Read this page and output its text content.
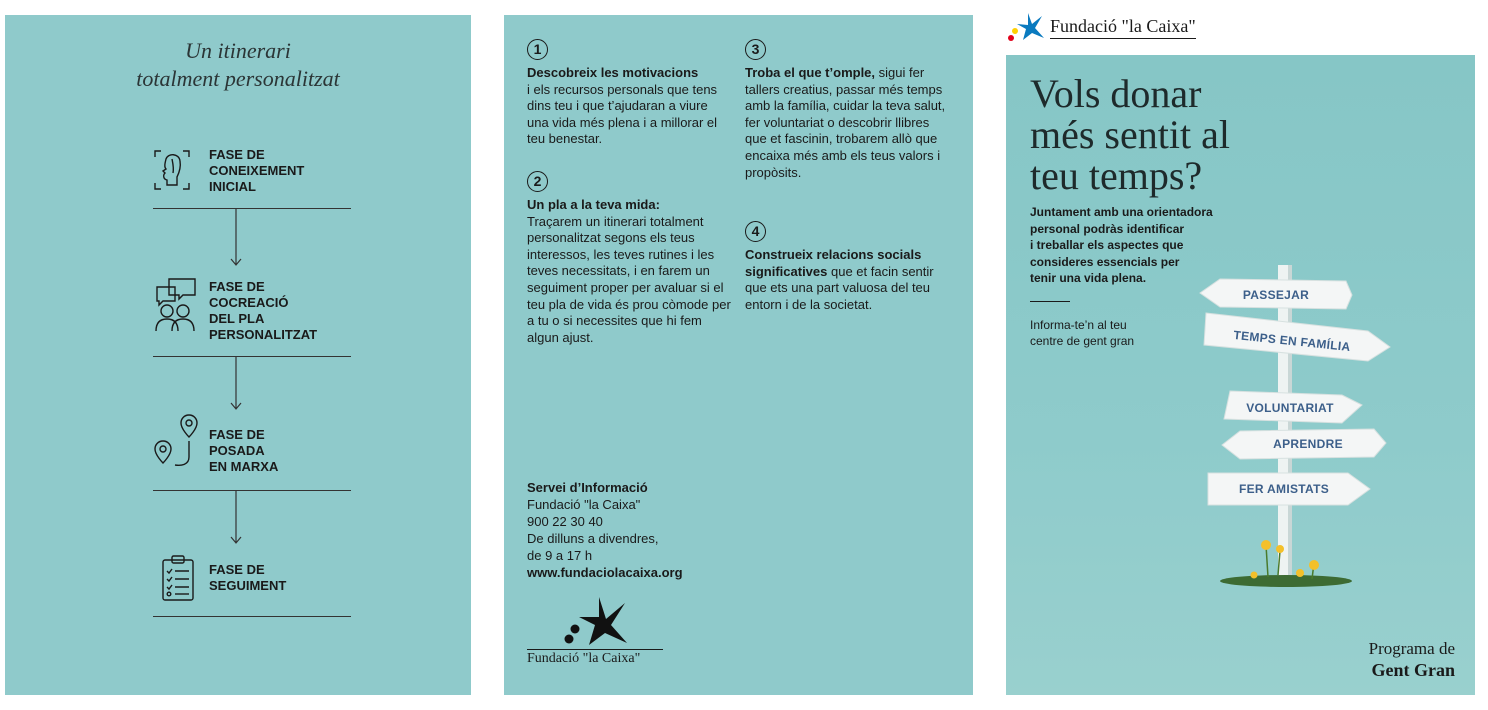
Un itinerari
totalment personalitzat
FASE DE
CONEIXEMENT
INICIAL
FASE DE
COCREACIÓ
DEL PLA
PERSONALITZAT
FASE DE
POSADA
EN MARXA
FASE DE
SEGUIMENT
1
Descobreix les motivacions
i els recursos personals que tens dins teu i que t’ajudaran a viure una vida més plena i a millorar el teu benestar.
2
Un pla a la teva mida:
Traçarem un itinerari totalment personalitzat segons els teus interessos, les teves rutines i les teves necessitats, i en farem un seguiment proper per avaluar si el teu pla de vida és prou còmode per a tu o si necessites que hi fem algun ajust.
3
Troba el que t’omple, sigui fer tallers creatius, passar més temps amb la família, cuidar la teva salut, fer voluntariat o descobrir llibres que et fascinin, trobarem allò que encaixa més amb els teus valors i propòsits.
4
Construeix relacions socials significatives que et facin sentir que ets una part valuosa del teu entorn i de la societat.
Servei d’Informació
Fundació "la Caixa"
900 22 30 40
De dilluns a divendres,
de 9 a 17 h
www.fundaciolacaixa.org
Fundació "la Caixa"
Fundació "la Caixa"
Vols donar
més sentit al
teu temps?
Juntament amb una orientadora
personal podràs identificar
i treballar els aspectes que
consideres essencials per
tenir una vida plena.
Informa-te’n al teu
centre de gent gran
PASSEJAR
TEMPS EN FAMÍLIA
VOLUNTARIAT
APRENDRE
FER AMISTATS
Programa de
Gent Gran
